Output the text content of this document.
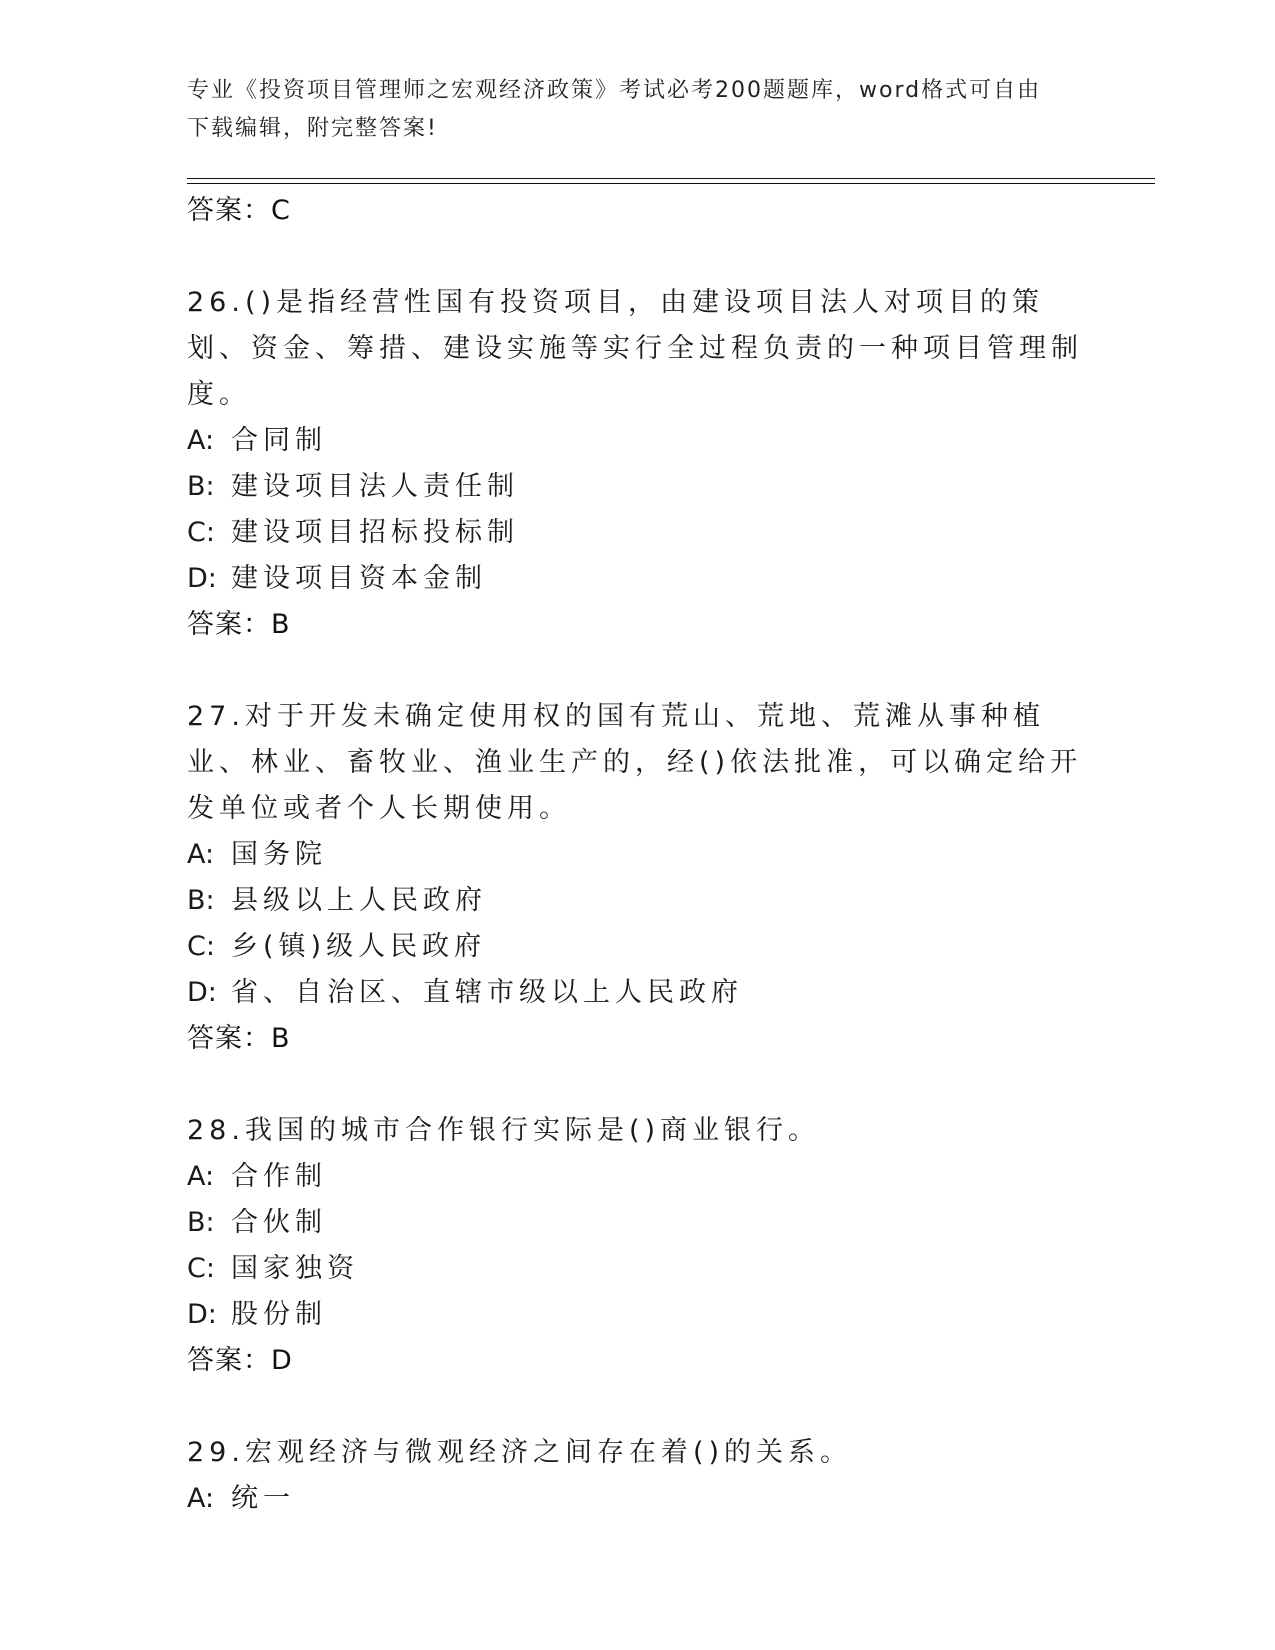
专业《投资项目管理师之宏观经济政策》考试必考200题题库，word格式可自由
下载编辑，附完整答案!
答案：C
26.()是指经营性国有投资项目，由建设项目法人对项目的策划、资金、筹措、建设实施等实行全过程负责的一种项目管理制度。
A: 合同制
B: 建设项目法人责任制
C: 建设项目招标投标制
D: 建设项目资本金制
答案：B
27.对于开发未确定使用权的国有荒山、荒地、荒滩从事种植业、林业、畜牧业、渔业生产的，经()依法批准，可以确定给开发单位或者个人长期使用。
A: 国务院
B: 县级以上人民政府
C: 乡(镇)级人民政府
D: 省、自治区、直辖市级以上人民政府
答案：B
28.我国的城市合作银行实际是()商业银行。
A: 合作制
B: 合伙制
C: 国家独资
D: 股份制
答案：D
29.宏观经济与微观经济之间存在着()的关系。
A: 统一
